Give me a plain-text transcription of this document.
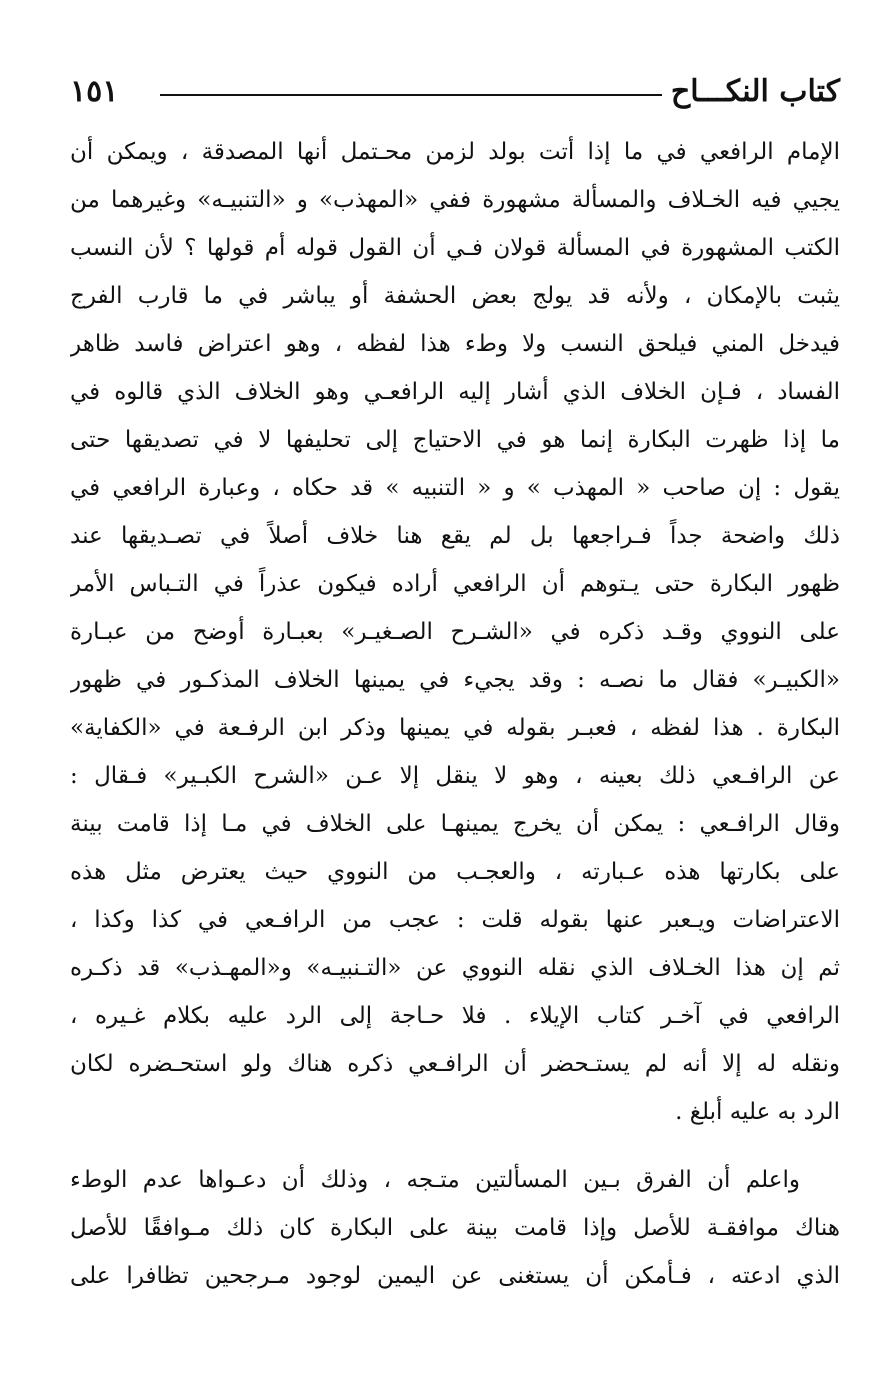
كتاب النكـــاح
١٥١
الإمام الرافعي في ما إذا أتت بولد لزمن محـتمل أنها المصدقة ، ويمكن أن
يجيي فيه الخـلاف والمسألة مشهورة ففي «المهذب» و «التنبيـه» وغيرهما من
الكتب المشهورة في المسألة قولان فـي أن القول قوله أم قولها ؟ لأن النسب
يثبت بالإمكان ، ولأنه قد يولج بعض الحشفة أو يباشر في ما قارب الفرج
فيدخل المني فيلحق النسب ولا وطء هذا لفظه ، وهو اعتراض فاسد ظاهر
الفساد ، فـإن الخلاف الذي أشار إليه الرافعـي وهو الخلاف الذي قالوه في
ما إذا ظهرت البكارة إنما هو في الاحتياج إلى تحليفها لا في تصديقها حتى
يقول : إن صاحب « المهذب » و « التنبيه » قد حكاه ، وعبارة الرافعي في
ذلك واضحة جداً فـراجعها بل لم يقع هنا خلاف أصلاً في تصـديقها عند
ظهور البكارة حتى يـتوهم أن الرافعي أراده فيكون عذراً في التـباس الأمر
على النووي وقـد ذكره في «الشـرح الصـغيـر» بعبـارة أوضح من عبـارة
«الكبيـر» فقال ما نصـه : وقد يجيء في يمينها الخلاف المذكـور في ظهور
البكارة . هذا لفظه ، فعبـر بقوله في يمينها وذكر ابن الرفـعة في «الكفاية»
عن الرافـعي ذلك بعينه ، وهو لا ينقل إلا عـن «الشرح الكبـير» فـقال :
وقال الرافـعي : يمكن أن يخرج يمينهـا على الخلاف في مـا إذا قامت بينة
على بكارتها هذه عـبارته ، والعجـب من النووي حيث يعترض مثل هذه
الاعتراضات ويـعبر عنها بقوله قلت : عجب من الرافـعي في كذا وكذا ،
ثم إن هذا الخـلاف الذي نقله النووي عن «التـنبيـه» و«المهـذب» قد ذكـره
الرافعي في آخـر كتاب الإيلاء . فلا حـاجة إلى الرد عليه بكلام غـيره ،
ونقله له إلا أنه لم يستـحضر أن الرافـعي ذكره هناك ولو استحـضره لكان
الرد به عليه أبلغ .
واعلم أن الفرق بـين المسألتين متـجه ، وذلك أن دعـواها عدم الوطء
هناك موافقـة للأصل وإذا قامت بينة على البكارة كان ذلك مـوافقًا للأصل
الذي ادعته ، فـأمكن أن يستغنى عن اليمين لوجود مـرجحين تظافرا على
